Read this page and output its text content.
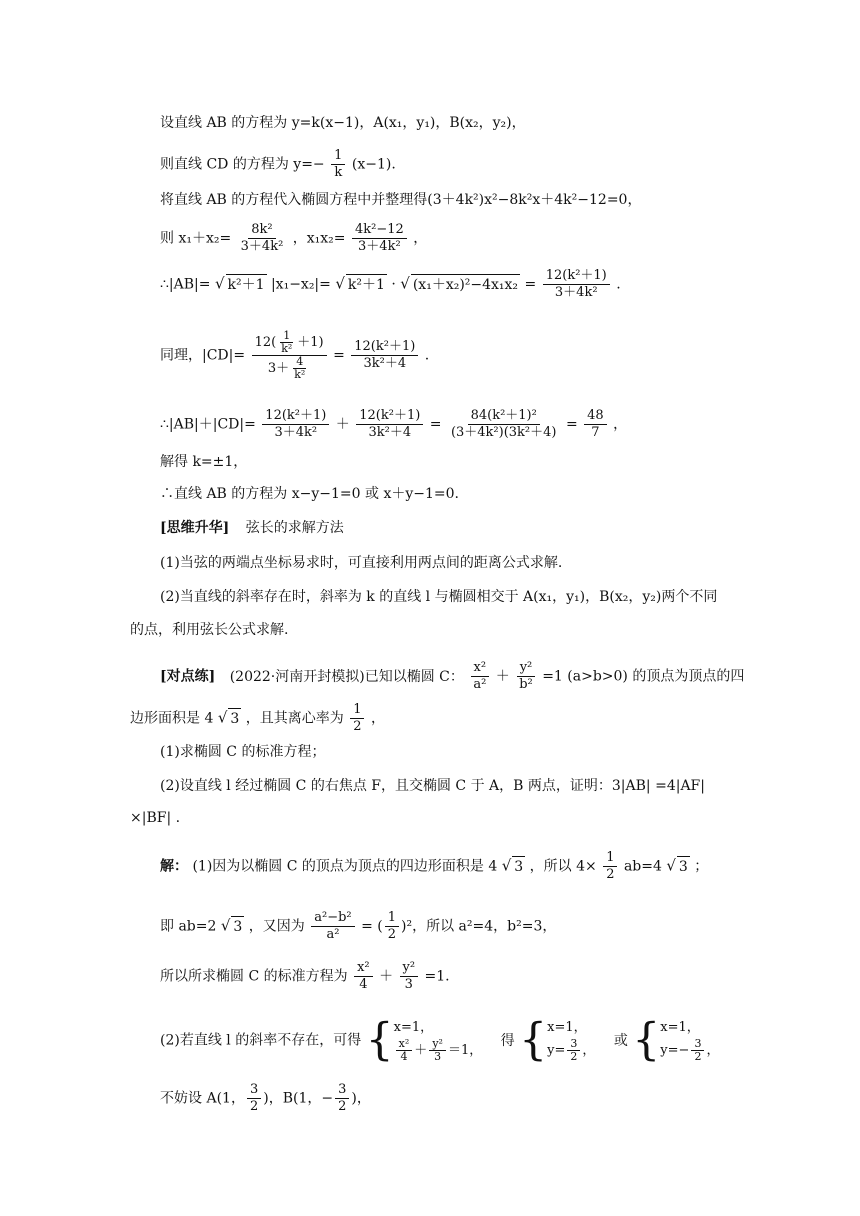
设直线 AB 的方程为 y=k(x−1)，A(x₁，y₁)，B(x₂，y₂)，
则直线 CD 的方程为 $y=- \frac{1}{k} (x-1)$.
将直线 AB 的方程代入椭圆方程中并整理得(3＋4k²)x²−8k²x＋4k²−12=0，
则 $x_1+x_2= \frac{\text{8k²}}{\text{3＋4k²}}$ ，$x_1x_2= \frac{\text{4k²−12}}{\text{3＋4k²}}$ ，
∴|AB|= √ k²＋1 |x₁−x₂|= √ k²＋1 · √ $(x_1+x_2)^2-4x_1x_2 = \frac{\text{12(k²＋1)}}{\text{3＋4k²}}$ .
同理，$|CD|= \frac{12( \frac{1}{\text{k²}} +1)}{3+ \frac{4}{\text{k²}}} = \frac{\text{12(k²＋1)}}{\text{3k²＋4}}$ .
∴|AB|＋|CD|= $\frac{\text{12(k²＋1)}}{\text{3＋4k²}} + \frac{\text{12(k²＋1)}}{\text{3k²＋4}} = \frac{\text{84(k²＋1)²}}{\text{(3＋4k²)(3k²＋4)}} = \frac{48}{7}$ ，
解得 k=±1，
∴直线 AB 的方程为 x−y−1=0 或 x＋y−1=0.
[思维升华] 弦长的求解方法
(1)当弦的两端点坐标易求时，可直接利用两点间的距离公式求解.
(2)当直线的斜率存在时，斜率为 k 的直线 l 与椭圆相交于 A(x₁，y₁)，B(x₂，y₂)两个不同
的点，利用弦长公式求解.
[对点练] (2022·河南开封模拟)已知以椭圆 C： $\frac{\text{x²}}{\text{a²}} + \frac{\text{y²}}{\text{b²}} =1$ (a>b>0) 的顶点为顶点的四
边形面积是 4 √ 3 ，且其离心率为 $\frac{1}{2}$ ，
(1)求椭圆 C 的标准方程；
(2)设直线 l 经过椭圆 C 的右焦点 F，且交椭圆 C 于 A，B 两点，证明：3|AB| =4|AF|
×|BF| .
解： (1)因为以椭圆 C 的顶点为顶点的四边形面积是 4 √ 3 ，所以 $4\times \frac{1}{2} ab=4$ √ 3 ；
即 ab=2 √ 3 ，又因为 $\frac{\text{a²−b²}}{\text{a²}}$ = ( $\frac{1}{2} )^2$，所以 a²=4，b²=3，
所以所求椭圆 C 的标准方程为 $\frac{\text{x²}}{4} + \frac{\text{y²}}{3} =1$.
(2)若直线 l 的斜率不存在，可得 { x=1，
$\frac{\text{x²}}{4} + \frac{\text{y²}}{3} =1$，
得 { x=1，
$y= \frac{3}{2}$ ，
或 { x=1，
$y=- \frac{3}{2}$ ，
不妨设 A(1， $\frac{3}{2}$ )，B(1，− $\frac{3}{2}$ )，
